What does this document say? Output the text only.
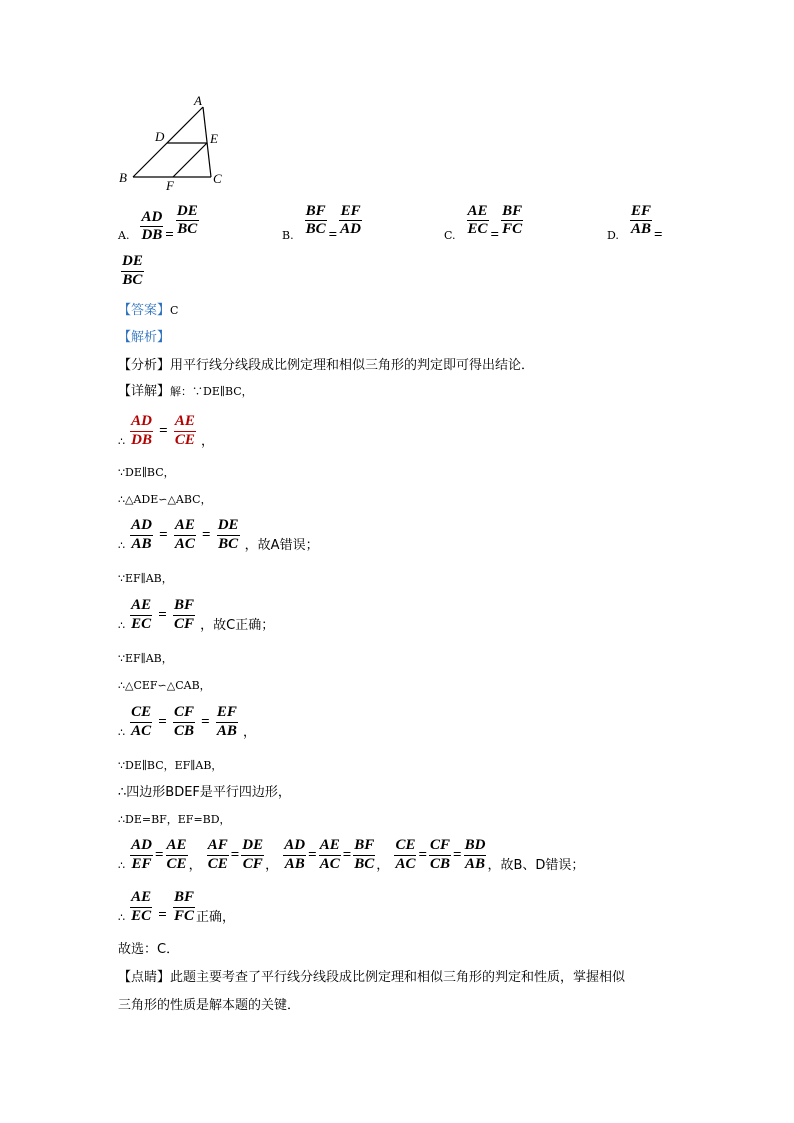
A
B	C
D	E
F
A. $\frac{AD}{DB} = \frac{DE}{BC}$	B. $\frac{BF}{BC} = \frac{EF}{AD}$	C. $\frac{AE}{EC} = \frac{BF}{FC}$	D. $\frac{EF}{AB}$ =
$\frac{DE}{BC}$
【答案】C
【解析】
【分析】用平行线分线段成比例定理和相似三角形的判定即可得出结论．
【详解】解：∵DE∥BC，
$_\therefore \frac{AD}{DB} = \frac{AE}{CE}$ ，
∵DE∥BC，
∴△ADE∽△ABC，
$_\therefore \frac{AD}{AB} = \frac{AE}{AC} = \frac{DE}{BC}$ ，故A错误；
∵EF∥AB，
$_\therefore \frac{AE}{EC} = \frac{BF}{CF}$ ，故C正确；
∵EF∥AB，
∴△CEF∽△CAB，
$_\therefore \frac{CE}{AC} = \frac{CF}{CB} = \frac{EF}{AB}$ ，
∵DE∥BC，EF∥AB，
∴四边形BDEF是平行四边形，
∴DE=BF，EF=BD，
$_\therefore \frac{AD}{EF} = \frac{AE}{CE}$ ， $\frac{AF}{CE} = \frac{DE}{CF}$ ， $\frac{AD}{AB} = \frac{AE}{AC} = \frac{BF}{BC}$ ， $\frac{CE}{AC} = \frac{CF}{CB} = \frac{BD}{AB}$ ，故B、D错误；
$_\therefore \frac{AE}{EC} = \frac{BF}{FC}$ 正确，
故选：C．
【点睛】此题主要考查了平行线分线段成比例定理和相似三角形的判定和性质，掌握相似
三角形的性质是解本题的关键．
